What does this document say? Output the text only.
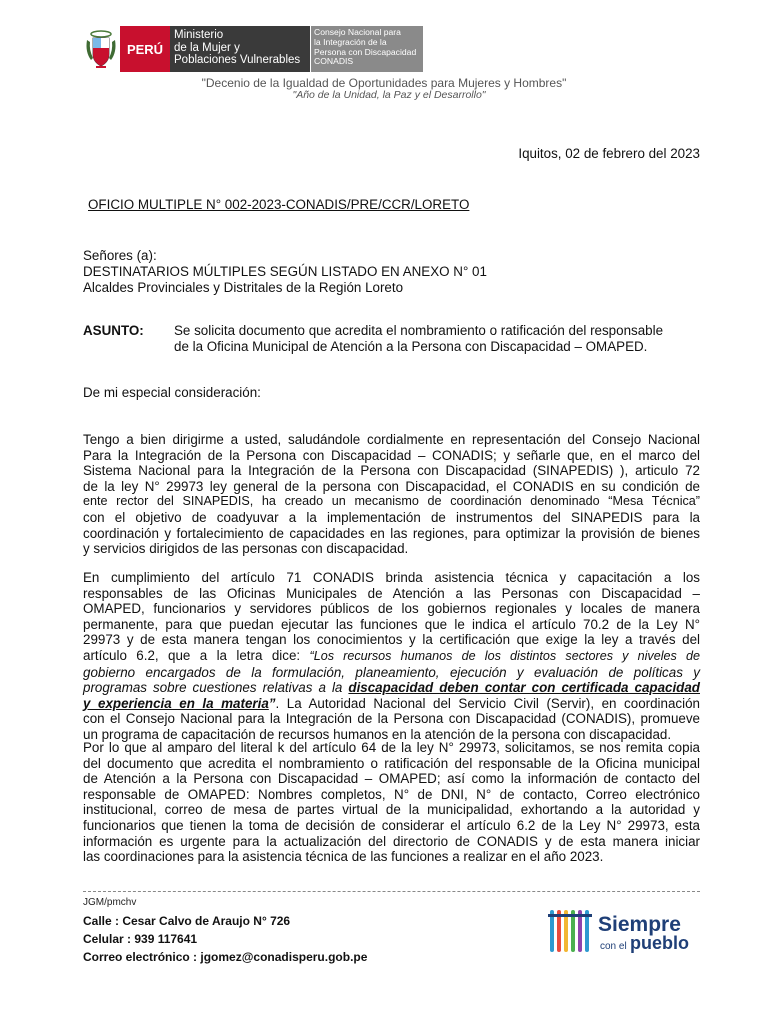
PERÚ
Ministerio
de la Mujer y
Poblaciones Vulnerables
Consejo Nacional para
la Integración de la
Persona con Discapacidad
CONADIS
"Decenio de la Igualdad de Oportunidades para Mujeres y Hombres"
"Año de la Unidad, la Paz y el Desarrollo"
Iquitos, 02 de febrero del 2023
OFICIO MULTIPLE N° 002-2023-CONADIS/PRE/CCR/LORETO
Señores (a):
DESTINATARIOS MÚLTIPLES SEGÚN LISTADO EN ANEXO N° 01
Alcaldes Provinciales y Distritales de la Región Loreto
ASUNTO: Se solicita documento que acredita el nombramiento o ratificación del responsable
de la Oficina Municipal de Atención a la Persona con Discapacidad – OMAPED.
De mi especial consideración:
Tengo a bien dirigirme a usted, saludándole cordialmente en representación del Consejo Nacional
Para la Integración de la Persona con Discapacidad – CONADIS; y señarle que, en el marco del
Sistema Nacional para la Integración de la Persona con Discapacidad (SINAPEDIS) ), articulo 72
de la ley N° 29973 ley general de la persona con Discapacidad, el CONADIS en su condición de
ente rector del SINAPEDIS, ha creado un mecanismo de coordinación denominado “Mesa Técnica”
con el objetivo de coadyuvar a la implementación de instrumentos del SINAPEDIS para la
coordinación y fortalecimiento de capacidades en las regiones, para optimizar la provisión de bienes
y servicios dirigidos de las personas con discapacidad.
En cumplimiento del artículo 71 CONADIS brinda asistencia técnica y capacitación a los
responsables de las Oficinas Municipales de Atención a las Personas con Discapacidad –
OMAPED, funcionarios y servidores públicos de los gobiernos regionales y locales de manera
permanente, para que puedan ejecutar las funciones que le indica el artículo 70.2 de la Ley N°
29973 y de esta manera tengan los conocimientos y la certificación que exige la ley a través del
artículo 6.2, que a la letra dice: “Los recursos humanos de los distintos sectores y niveles de
gobierno encargados de la formulación, planeamiento, ejecución y evaluación de políticas y
programas sobre cuestiones relativas a la discapacidad deben contar con certificada capacidad
y experiencia en la materia”. La Autoridad Nacional del Servicio Civil (Servir), en coordinación
con el Consejo Nacional para la Integración de la Persona con Discapacidad (CONADIS), promueve
un programa de capacitación de recursos humanos en la atención de la persona con discapacidad.
Por lo que al amparo del literal k del artículo 64 de la ley N° 29973, solicitamos, se nos remita copia
del documento que acredita el nombramiento o ratificación del responsable de la Oficina municipal
de Atención a la Persona con Discapacidad – OMAPED; así como la información de contacto del
responsable de OMAPED: Nombres completos, N° de DNI, N° de contacto, Correo electrónico
institucional, correo de mesa de partes virtual de la municipalidad, exhortando a la autoridad y
funcionarios que tienen la toma de decisión de considerar el artículo 6.2 de la Ley N° 29973, esta
información es urgente para la actualización del directorio de CONADIS y de esta manera iniciar
las coordinaciones para la asistencia técnica de las funciones a realizar en el año 2023.
JGM/pmchv
Calle : Cesar Calvo de Araujo N° 726
Celular : 939 117641
Correo electrónico : jgomez@conadisperu.gob.pe
Siempre
con el pueblo
